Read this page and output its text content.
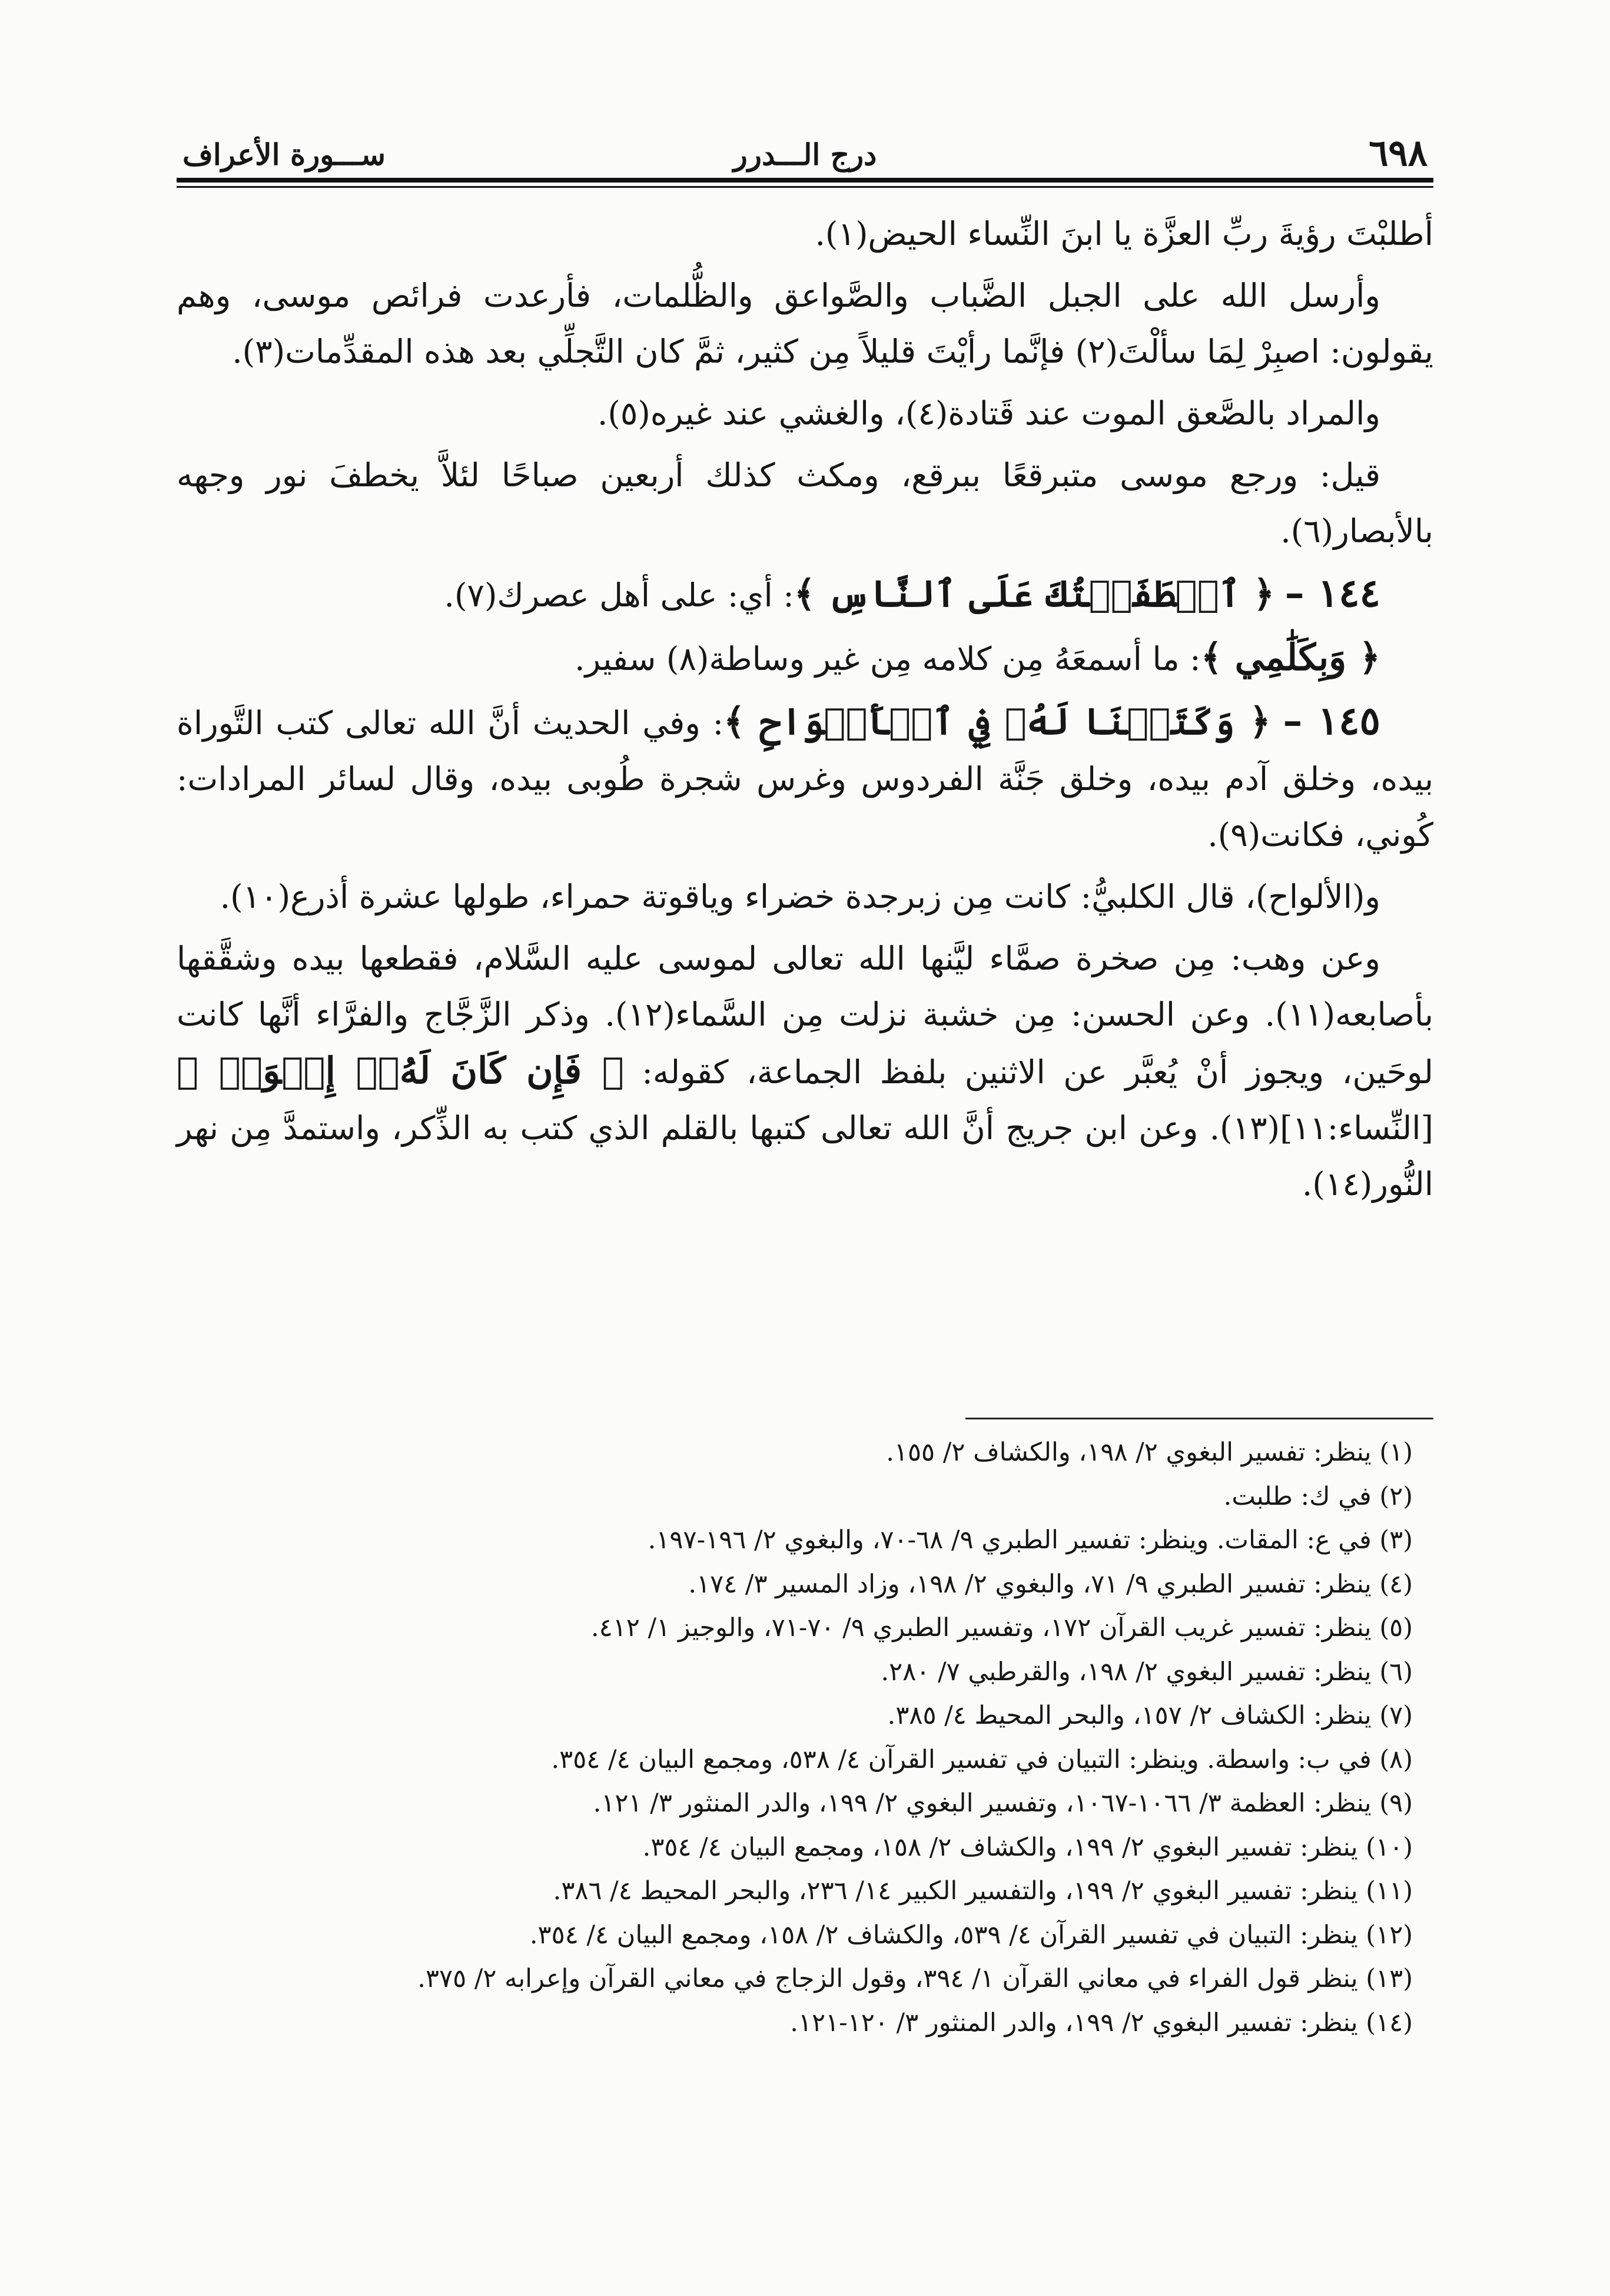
٦٩٨
درج الـــدرر
ســـورة الأعراف

أطلبْتَ رؤيةَ ربِّ العزَّة يا ابنَ النِّساء الحيض(١).

وأرسل الله على الجبل الضَّباب والصَّواعق والظُّلمات، فأرعدت فرائص موسى، وهم يقولون: اصبِرْ لِمَا سألْتَ(٢) فإنَّما رأيْتَ قليلاً مِن كثير، ثمَّ كان التَّجلِّي بعد هذه المقدِّمات(٣).

والمراد بالصَّعق الموت عند قَتادة(٤)، والغشي عند غيره(٥).

قيل: ورجع موسى متبرقعًا ببرقع، ومكث كذلك أربعين صباحًا لئلاَّ يخطفَ نور وجهه بالأبصار(٦).

١٤٤ – ﴿ ٱصۡطَفَيۡتُكَ عَلَى ٱلنَّاسِ ﴾: أي: على أهل عصرك(٧).

﴿ وَبِكَلَٰمِي ﴾: ما أسمعَهُ مِن كلامه مِن غير وساطة(٨) سفير.

١٤٥ – ﴿ وَكَتَبۡنَا لَهُۥ فِي ٱلۡأَلۡوَاحِ ﴾: وفي الحديث أنَّ الله تعالى كتب التَّوراة بيده، وخلق آدم بيده، وخلق جَنَّة الفردوس وغرس شجرة طُوبى بيده، وقال لسائر المرادات: كُوني، فكانت(٩).

و(الألواح)، قال الكلبيُّ: كانت مِن زبرجدة خضراء وياقوتة حمراء، طولها عشرة أذرع(١٠).

وعن وهب: مِن صخرة صمَّاء ليَّنها الله تعالى لموسى عليه السَّلام، فقطعها بيده وشقَّقها بأصابعه(١١). وعن الحسن: مِن خشبة نزلت مِن السَّماء(١٢). وذكر الزَّجَّاج والفرَّاء أنَّها كانت لوحَين، ويجوز أنْ يُعبَّر عن الاثنين بلفظ الجماعة، كقوله: ﴿ فَإِن كَانَ لَهُۥٓ إِخۡوَةٞ ﴾ [النِّساء:١١](١٣). وعن ابن جريج أنَّ الله تعالى كتبها بالقلم الذي كتب به الذِّكر، واستمدَّ مِن نهر النُّور(١٤).

(١) ينظر: تفسير البغوي ٢/ ١٩٨، والكشاف ٢/ ١٥٥.
(٢) في ك: طلبت.
(٣) في ع: المقات. وينظر: تفسير الطبري ٩/ ٦٨-٧٠، والبغوي ٢/ ١٩٦-١٩٧.
(٤) ينظر: تفسير الطبري ٩/ ٧١، والبغوي ٢/ ١٩٨، وزاد المسير ٣/ ١٧٤.
(٥) ينظر: تفسير غريب القرآن ١٧٢، وتفسير الطبري ٩/ ٧٠-٧١، والوجيز ١/ ٤١٢.
(٦) ينظر: تفسير البغوي ٢/ ١٩٨، والقرطبي ٧/ ٢٨٠.
(٧) ينظر: الكشاف ٢/ ١٥٧، والبحر المحيط ٤/ ٣٨٥.
(٨) في ب: واسطة. وينظر: التبيان في تفسير القرآن ٤/ ٥٣٨، ومجمع البيان ٤/ ٣٥٤.
(٩) ينظر: العظمة ٣/ ١٠٦٦-١٠٦٧، وتفسير البغوي ٢/ ١٩٩، والدر المنثور ٣/ ١٢١.
(١٠) ينظر: تفسير البغوي ٢/ ١٩٩، والكشاف ٢/ ١٥٨، ومجمع البيان ٤/ ٣٥٤.
(١١) ينظر: تفسير البغوي ٢/ ١٩٩، والتفسير الكبير ١٤/ ٢٣٦، والبحر المحيط ٤/ ٣٨٦.
(١٢) ينظر: التبيان في تفسير القرآن ٤/ ٥٣٩، والكشاف ٢/ ١٥٨، ومجمع البيان ٤/ ٣٥٤.
(١٣) ينظر قول الفراء في معاني القرآن ١/ ٣٩٤، وقول الزجاج في معاني القرآن وإعرابه ٢/ ٣٧٥.
(١٤) ينظر: تفسير البغوي ٢/ ١٩٩، والدر المنثور ٣/ ١٢٠-١٢١.
